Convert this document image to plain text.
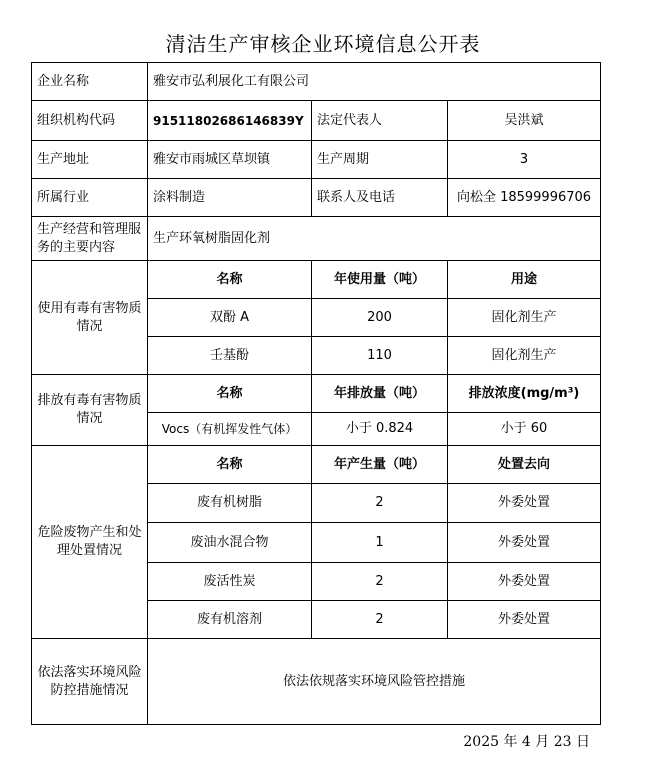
清洁生产审核企业环境信息公开表
企业名称	雅安市弘利展化工有限公司		
组织机构代码	91511802686146839Y	法定代表人	吴洪斌
生产地址	雅安市雨城区草坝镇	生产周期	3
所属行业	涂料制造	联系人及电话	向松全 18599996706
生产经营和管理服务的主要内容	生产环氧树脂固化剂		
使用有毒有害物质情况	名称	年使用量（吨）	用途
	双酚 A	200	固化剂生产
	壬基酚	110	固化剂生产
排放有毒有害物质情况	名称	年排放量（吨）	排放浓度(mg/m³)
	Vocs（有机挥发性气体）	小于 0.824	小于 60
危险废物产生和处理处置情况	名称	年产生量（吨）	处置去向
	废有机树脂	2	外委处置
	废油水混合物	1	外委处置
	废活性炭	2	外委处置
	废有机溶剂	2	外委处置
依法落实环境风险防控措施情况	依法依规落实环境风险管控措施		
2025 年 4 月 23 日
